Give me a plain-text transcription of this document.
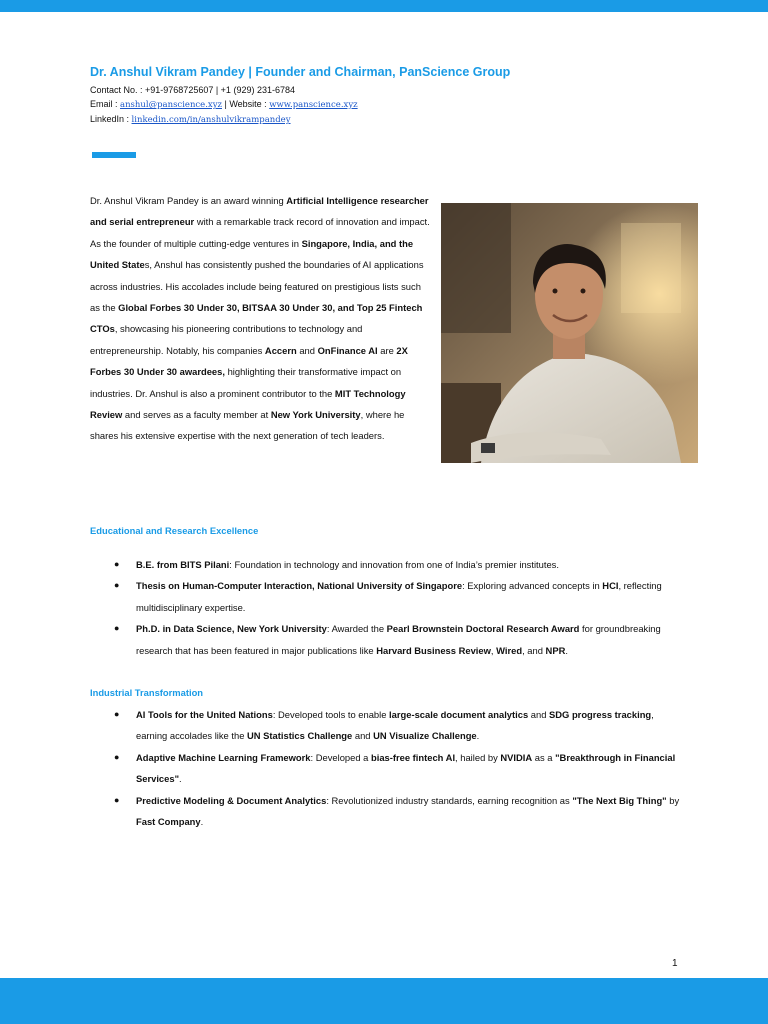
Dr. Anshul Vikram Pandey | Founder and Chairman, PanScience Group
Contact No. : +91-9768725607 | +1 (929) 231-6784
Email : anshul@panscience.xyz | Website : www.panscience.xyz
LinkedIn : linkedin.com/in/anshulvikrampandey
Dr. Anshul Vikram Pandey is an award winning Artificial Intelligence researcher and serial entrepreneur with a remarkable track record of innovation and impact. As the founder of multiple cutting-edge ventures in Singapore, India, and the United States, Anshul has consistently pushed the boundaries of AI applications across industries. His accolades include being featured on prestigious lists such as the Global Forbes 30 Under 30, BITSAA 30 Under 30, and Top 25 Fintech CTOs, showcasing his pioneering contributions to technology and entrepreneurship. Notably, his companies Accern and OnFinance AI are 2X Forbes 30 Under 30 awardees, highlighting their transformative impact on industries. Dr. Anshul is also a prominent contributor to the MIT Technology Review and serves as a faculty member at New York University, where he shares his extensive expertise with the next generation of tech leaders.
Educational and Research Excellence
● B.E. from BITS Pilani: Foundation in technology and innovation from one of India’s premier institutes.
● Thesis on Human-Computer Interaction, National University of Singapore: Exploring advanced concepts in HCI, reflecting multidisciplinary expertise.
● Ph.D. in Data Science, New York University: Awarded the Pearl Brownstein Doctoral Research Award for groundbreaking research that has been featured in major publications like Harvard Business Review, Wired, and NPR.
Industrial Transformation
● AI Tools for the United Nations: Developed tools to enable large-scale document analytics and SDG progress tracking, earning accolades like the UN Statistics Challenge and UN Visualize Challenge.
● Adaptive Machine Learning Framework: Developed a bias-free fintech AI, hailed by NVIDIA as a "Breakthrough in Financial Services".
● Predictive Modeling & Document Analytics: Revolutionized industry standards, earning recognition as "The Next Big Thing" by Fast Company.
1
